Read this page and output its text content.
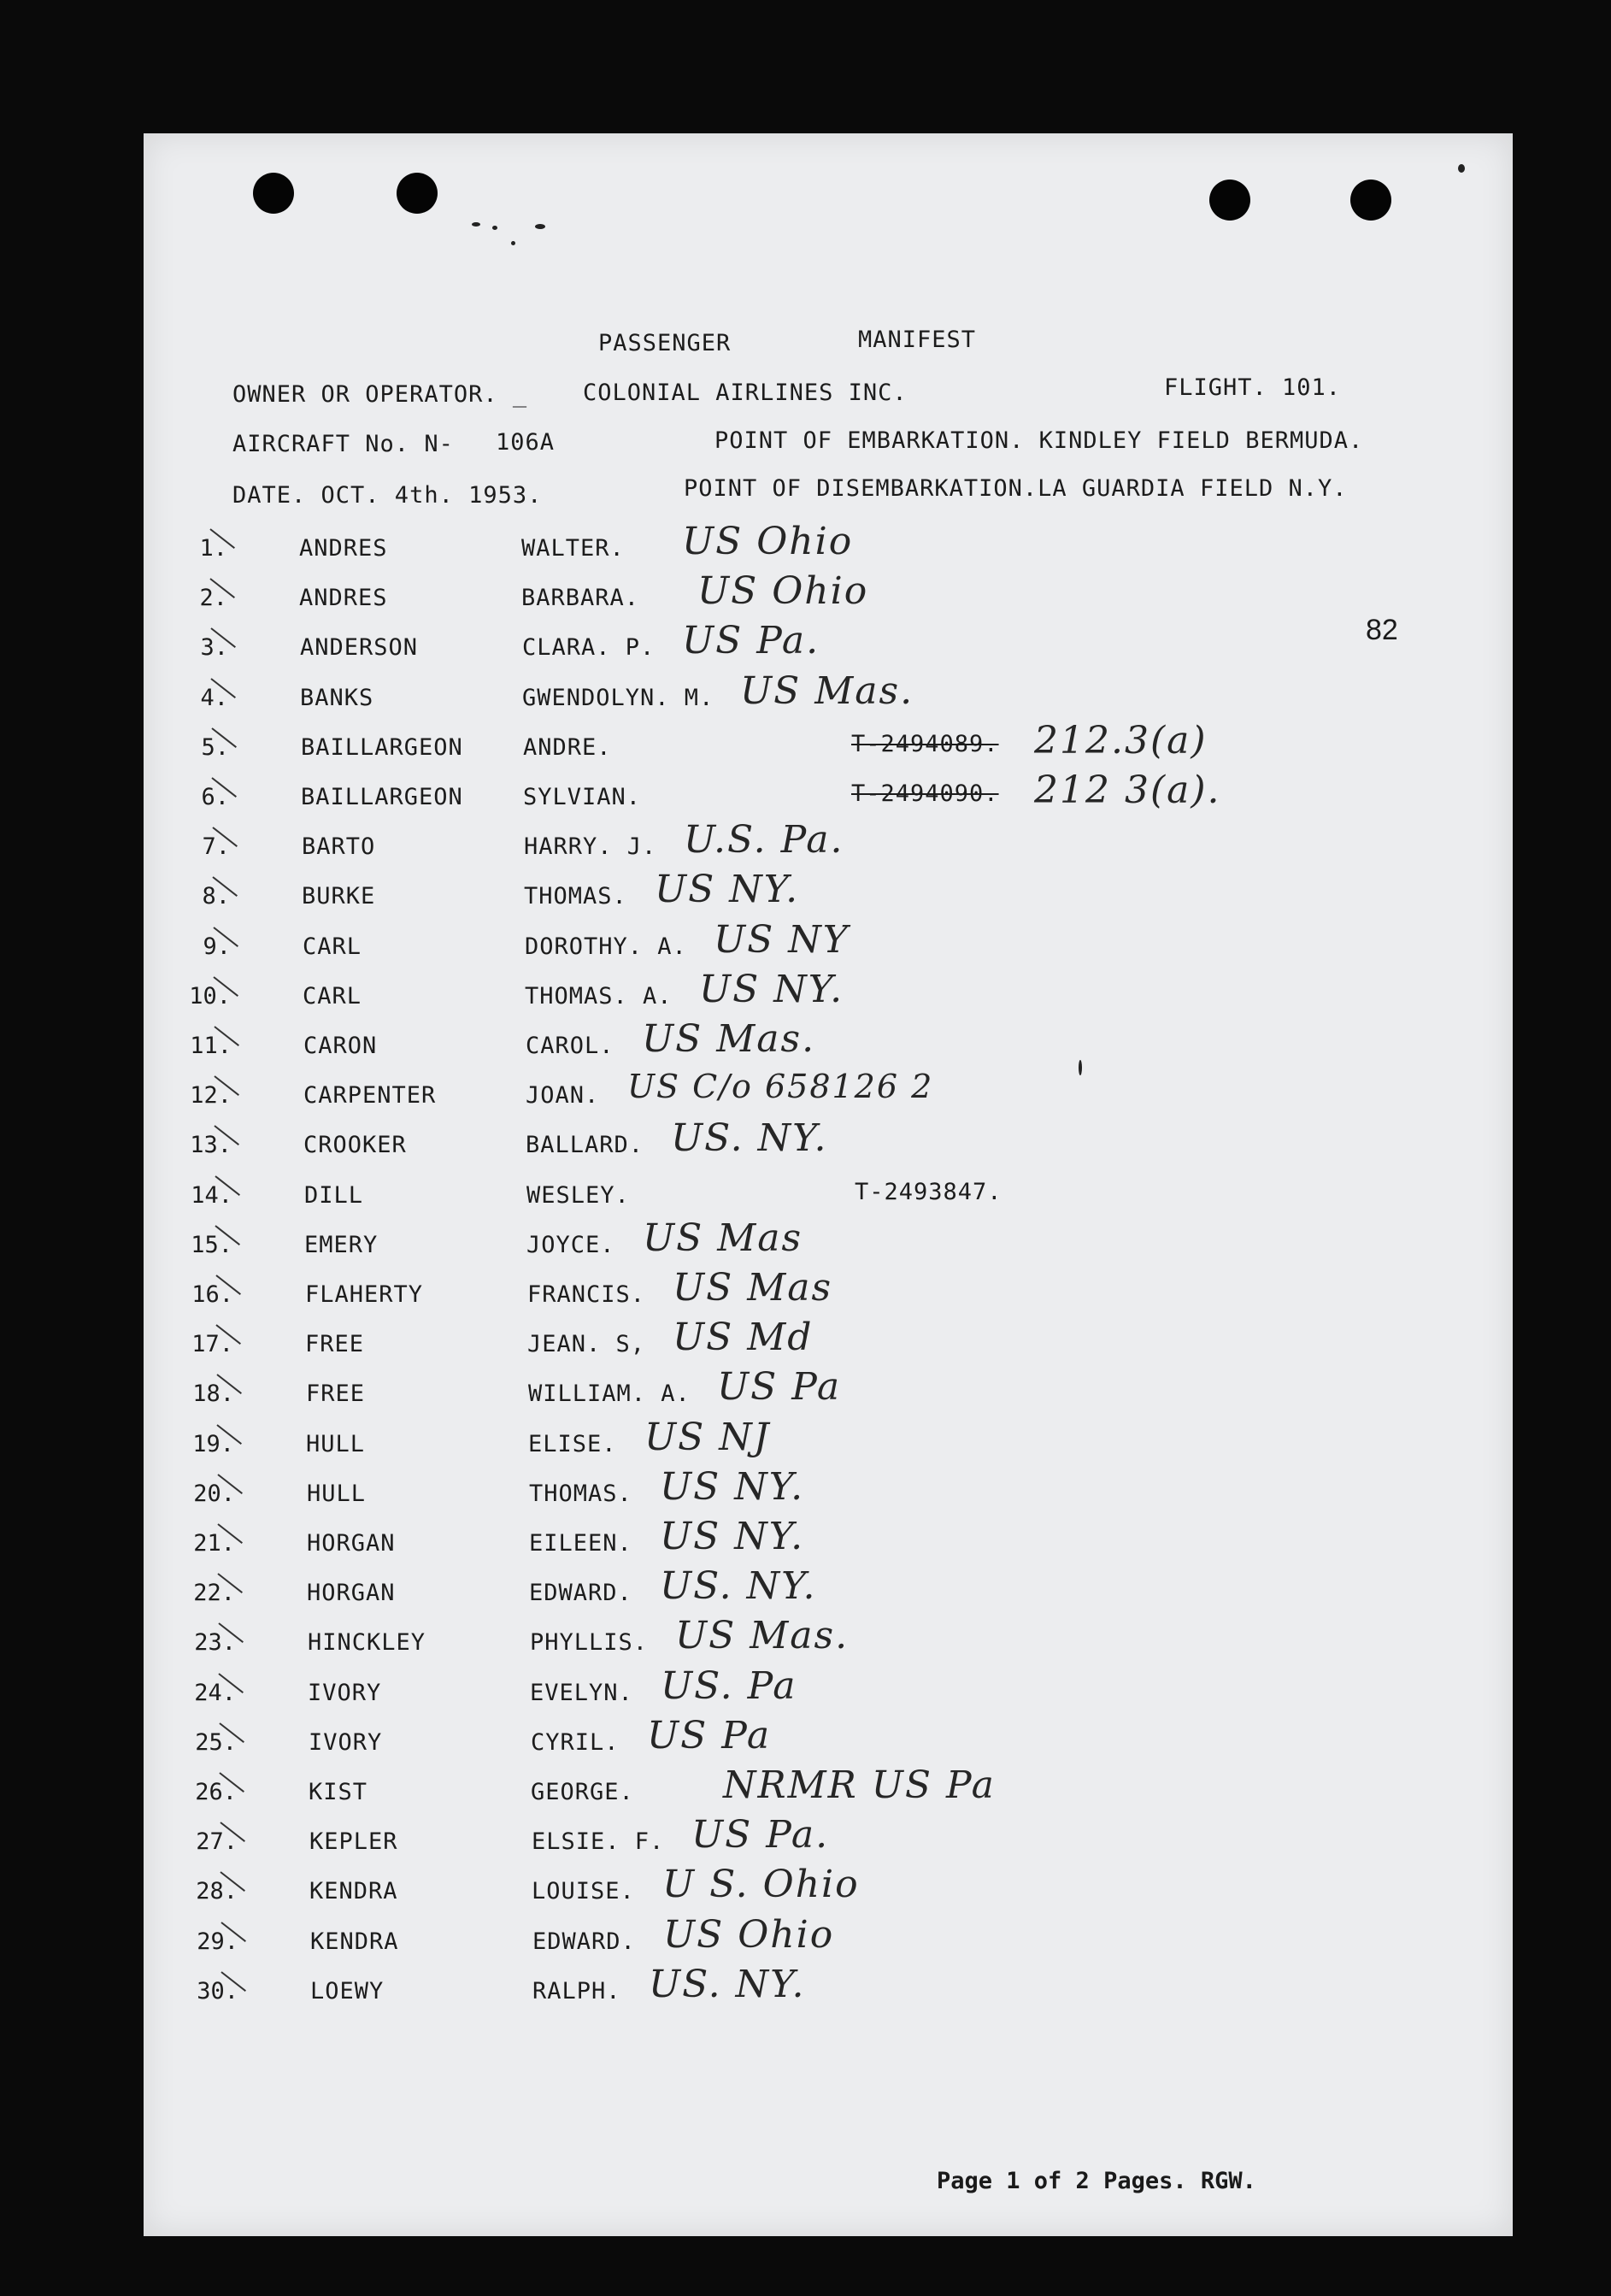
PASSENGER	MANIFEST
OWNER OR OPERATOR. _ COLONIAL AIRLINES INC.	FLIGHT. 101.
AIRCRAFT No. N- 106A	POINT OF EMBARKATION. KINDLEY FIELD BERMUDA.
DATE. OCT. 4th. 1953.	POINT OF DISEMBARKATION.LA GUARDIA FIELD N.Y.
82
1.	ANDRES	WALTER. US Ohio
2.	ANDRES	BARBARA. US Ohio
3.	ANDERSON	CLARA. P. US Pa.
4.	BANKS	GWENDOLYN. M. US Mas.
5.	BAILLARGEON	ANDRE.	T-2494089. 212.3(a)
6.	BAILLARGEON	SYLVIAN.	T-2494090. 212 3(a).
7.	BARTO	HARRY. J. U.S. Pa.
8.	BURKE	THOMAS. US NY.
9.	CARL	DOROTHY. A. US NY
10.	CARL	THOMAS. A. US NY.
11.	CARON	CAROL. US Mas.
12.	CARPENTER	JOAN. US C/o 658126 2
13.	CROOKER	BALLARD. US. NY.
14.	DILL	WESLEY.	T-2493847.
15.	EMERY	JOYCE. US Mas
16.	FLAHERTY	FRANCIS. US Mas
17.	FREE	JEAN. S, US Md
18.	FREE	WILLIAM. A. US Pa
19.	HULL	ELISE. US NJ
20.	HULL	THOMAS. US NY.
21.	HORGAN	EILEEN. US NY.
22.	HORGAN	EDWARD. US. NY.
23.	HINCKLEY	PHYLLIS. US Mas.
24.	IVORY	EVELYN. US. Pa
25.	IVORY	CYRIL. US Pa
26.	KIST	GEORGE. NRMR US Pa
27.	KEPLER	ELSIE. F. US Pa.
28.	KENDRA	LOUISE. U S. Ohio
29.	KENDRA	EDWARD. US Ohio
30.	LOEWY	RALPH. US. NY.
Page 1 of 2 Pages. RGW.
